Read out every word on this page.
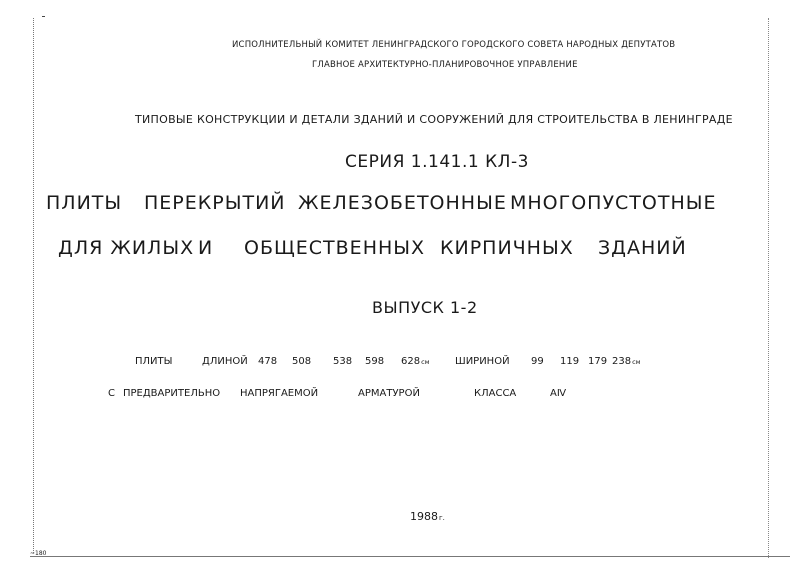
ИСПОЛНИТЕЛЬНЫЙ КОМИТЕТ ЛЕНИНГРАДСКОГО ГОРОДСКОГО СОВЕТА НАРОДНЫХ ДЕПУТАТОВ
ГЛАВНОЕ АРХИТЕКТУРНО-ПЛАНИРОВОЧНОЕ УПРАВЛЕНИЕ
ТИПОВЫЕ КОНСТРУКЦИИ И ДЕТАЛИ ЗДАНИЙ И СООРУЖЕНИЙ ДЛЯ СТРОИТЕЛЬСТВА В ЛЕНИНГРАДЕ
СЕРИЯ 1.141.1 КЛ-3
ПЛИТЫ ПЕРЕКРЫТИЙ ЖЕЛЕЗОБЕТОННЫЕ МНОГОПУСТОТНЫЕ
ДЛЯ ЖИЛЫХ И ОБЩЕСТВЕННЫХ КИРПИЧНЫХ ЗДАНИЙ
ВЫПУСК 1-2
ПЛИТЫ	ДЛИНОЙ 478 508 538 598 628см	ШИРИНОЙ 99 119 179 238см
С ПРЕДВАРИТЕЛЬНО НАПРЯГАЕМОЙ	АРМАТУРОЙ	КЛАССА	АⅣ
1988г.
~180
